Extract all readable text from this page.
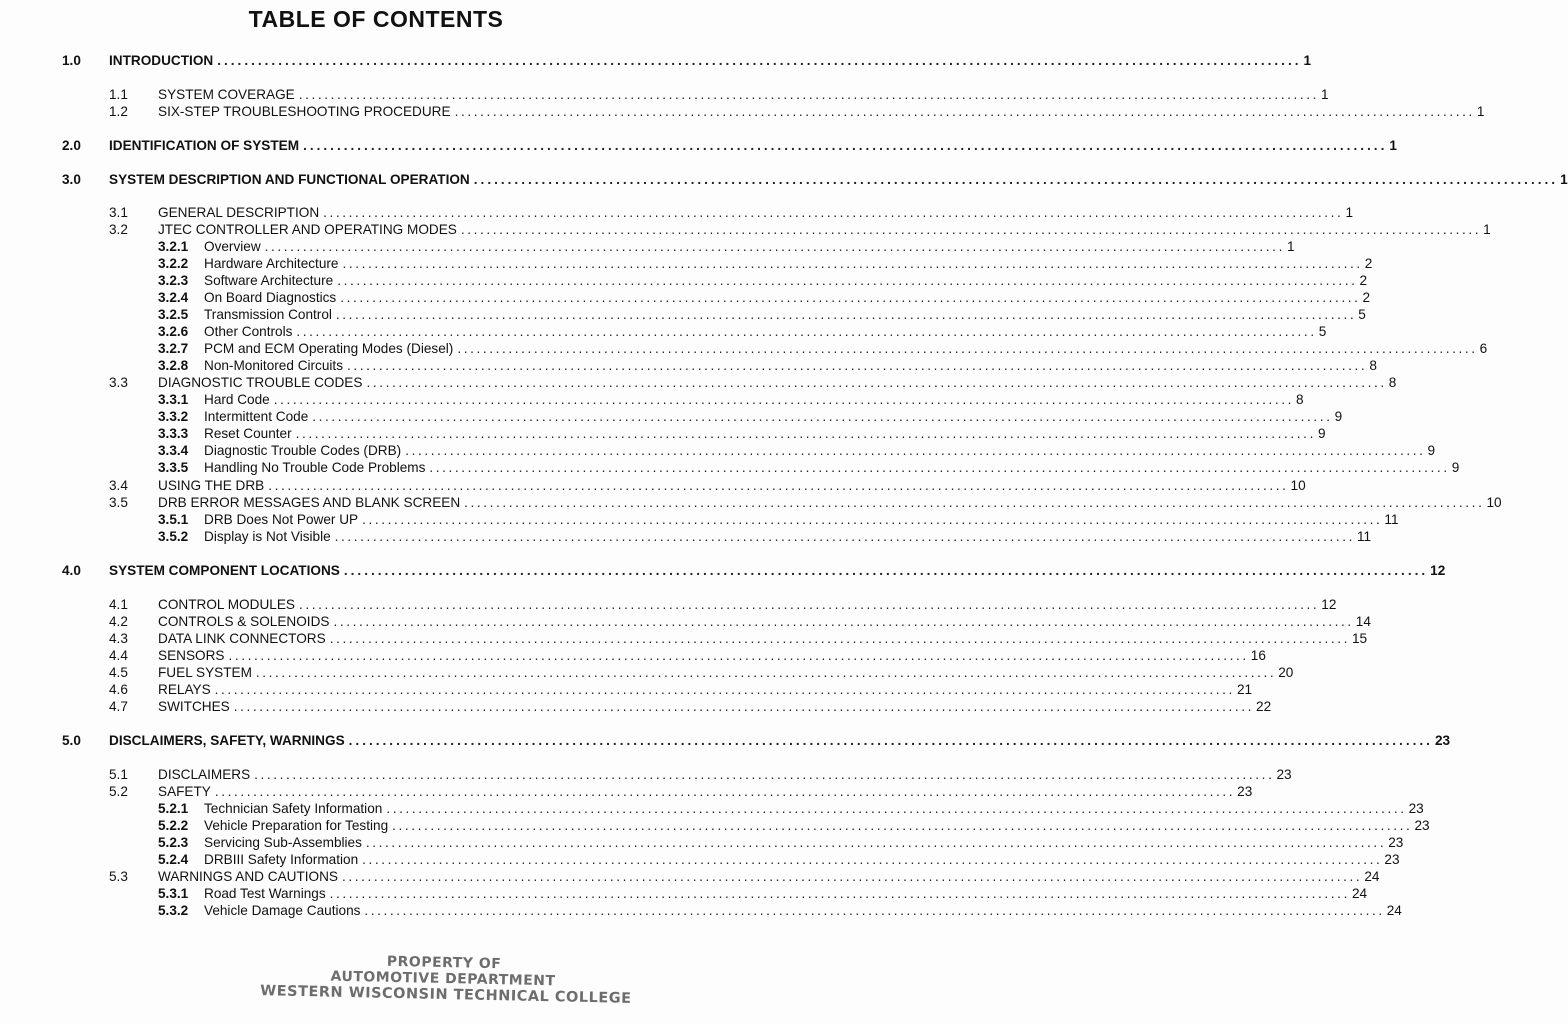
TABLE OF CONTENTS
1.0 INTRODUCTION ................................................................................................................................................................ 1
1.1 SYSTEM COVERAGE ................................................................................................................................................................ 1
1.2 SIX-STEP TROUBLESHOOTING PROCEDURE ................................................................................................................................................................ 1
2.0 IDENTIFICATION OF SYSTEM ................................................................................................................................................................ 1
3.0 SYSTEM DESCRIPTION AND FUNCTIONAL OPERATION ................................................................................................................................................................ 1
3.1 GENERAL DESCRIPTION ................................................................................................................................................................ 1
3.2 JTEC CONTROLLER AND OPERATING MODES ................................................................................................................................................................ 1
3.2.1 Overview ................................................................................................................................................................ 1
3.2.2 Hardware Architecture ................................................................................................................................................................ 2
3.2.3 Software Architecture ................................................................................................................................................................ 2
3.2.4 On Board Diagnostics ................................................................................................................................................................ 2
3.2.5 Transmission Control ................................................................................................................................................................ 5
3.2.6 Other Controls ................................................................................................................................................................ 5
3.2.7 PCM and ECM Operating Modes (Diesel) ................................................................................................................................................................ 6
3.2.8 Non-Monitored Circuits ................................................................................................................................................................ 8
3.3 DIAGNOSTIC TROUBLE CODES ................................................................................................................................................................ 8
3.3.1 Hard Code ................................................................................................................................................................ 8
3.3.2 Intermittent Code ................................................................................................................................................................ 9
3.3.3 Reset Counter ................................................................................................................................................................ 9
3.3.4 Diagnostic Trouble Codes (DRB) ................................................................................................................................................................ 9
3.3.5 Handling No Trouble Code Problems ................................................................................................................................................................ 9
3.4 USING THE DRB ................................................................................................................................................................ 10
3.5 DRB ERROR MESSAGES AND BLANK SCREEN ................................................................................................................................................................ 10
3.5.1 DRB Does Not Power UP ................................................................................................................................................................ 11
3.5.2 Display is Not Visible ................................................................................................................................................................ 11
4.0 SYSTEM COMPONENT LOCATIONS ................................................................................................................................................................ 12
4.1 CONTROL MODULES ................................................................................................................................................................ 12
4.2 CONTROLS & SOLENOIDS ................................................................................................................................................................ 14
4.3 DATA LINK CONNECTORS ................................................................................................................................................................ 15
4.4 SENSORS ................................................................................................................................................................ 16
4.5 FUEL SYSTEM ................................................................................................................................................................ 20
4.6 RELAYS ................................................................................................................................................................ 21
4.7 SWITCHES ................................................................................................................................................................ 22
5.0 DISCLAIMERS, SAFETY, WARNINGS ................................................................................................................................................................ 23
5.1 DISCLAIMERS ................................................................................................................................................................ 23
5.2 SAFETY ................................................................................................................................................................ 23
5.2.1 Technician Safety Information ................................................................................................................................................................ 23
5.2.2 Vehicle Preparation for Testing ................................................................................................................................................................ 23
5.2.3 Servicing Sub-Assemblies ................................................................................................................................................................ 23
5.2.4 DRBIII Safety Information ................................................................................................................................................................ 23
5.3 WARNINGS AND CAUTIONS ................................................................................................................................................................ 24
5.3.1 Road Test Warnings ................................................................................................................................................................ 24
5.3.2 Vehicle Damage Cautions ................................................................................................................................................................ 24
PROPERTY OF
AUTOMOTIVE DEPARTMENT
WESTERN WISCONSIN TECHNICAL COLLEGE
